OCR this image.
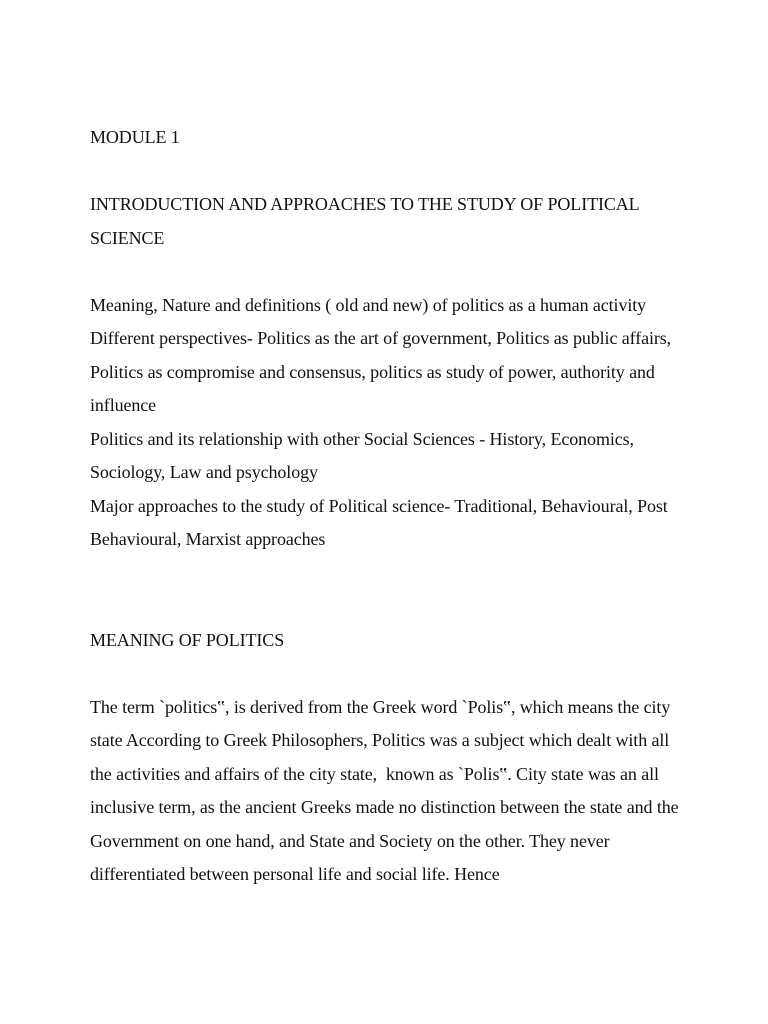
MODULE 1

INTRODUCTION AND APPROACHES TO THE STUDY OF POLITICAL SCIENCE

Meaning, Nature and definitions ( old and new) of politics as a human activity

Different perspectives- Politics as the art of government, Politics as public affairs, Politics as compromise and consensus, politics as study of power, authority and influence

Politics and its relationship with other Social Sciences - History, Economics, Sociology, Law and psychology

Major approaches to the study of Political science- Traditional, Behavioural, Post Behavioural, Marxist approaches

MEANING OF POLITICS

The term `politics‟, is derived from the Greek word `Polis‟, which means the city state According to Greek Philosophers, Politics was a subject which dealt with all the activities and affairs of the city state,  known as `Polis‟. City state was an all inclusive term, as the ancient Greeks made no distinction between the state and the Government on one hand, and State and Society on the other. They never differentiated between personal life and social life. Hence
